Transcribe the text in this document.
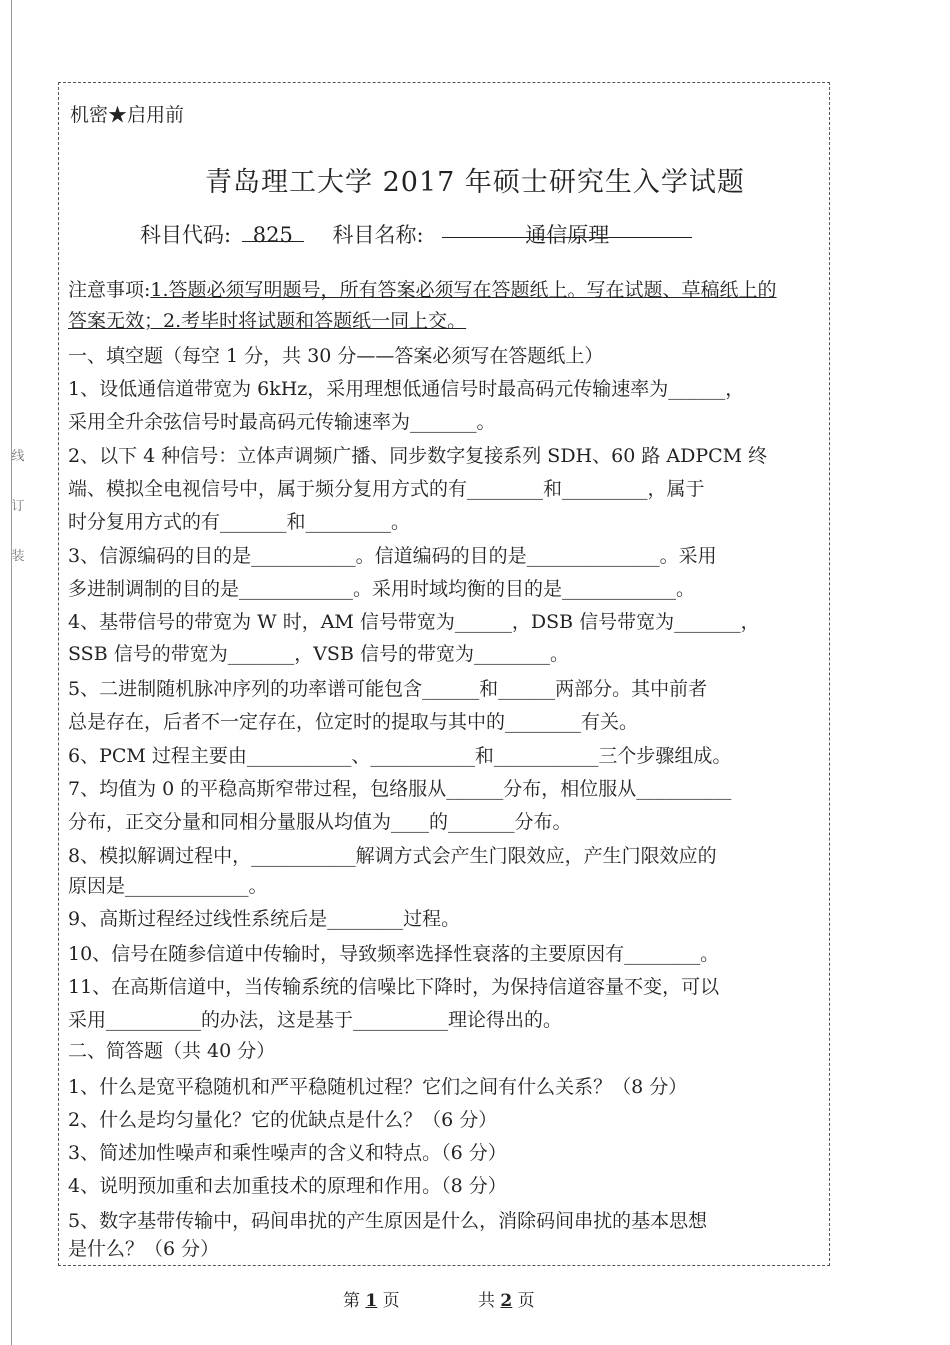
线
订
装
机密★启用前
青岛理工大学 2017 年硕士研究生入学试题
科目代码: 825 科目名称:	通信原理
注意事项:1.答题必须写明题号，所有答案必须写在答题纸上。写在试题、草稿纸上的
答案无效；2.考毕时将试题和答题纸一同上交。
一、填空题（每空 1 分，共 30 分——答案必须写在答题纸上）
1、设低通信道带宽为 6kHz，采用理想低通信号时最高码元传输速率为______，
采用全升余弦信号时最高码元传输速率为_______。
2、以下 4 种信号：立体声调频广播、同步数字复接系列 SDH、60 路 ADPCM 终
端、模拟全电视信号中，属于频分复用方式的有________和_________，属于
时分复用方式的有_______和_________。
3、信源编码的目的是___________。信道编码的目的是______________。采用
多进制调制的目的是____________。采用时域均衡的目的是____________。
4、基带信号的带宽为 W 时，AM 信号带宽为______，DSB 信号带宽为_______，
SSB 信号的带宽为_______，VSB 信号的带宽为________。
5、二进制随机脉冲序列的功率谱可能包含______和______两部分。其中前者
总是存在，后者不一定存在，位定时的提取与其中的________有关。
6、PCM 过程主要由___________、___________和___________三个步骤组成。
7、均值为 0 的平稳高斯窄带过程，包络服从______分布，相位服从__________
分布，正交分量和同相分量服从均值为____的_______分布。
8、模拟解调过程中，___________解调方式会产生门限效应，产生门限效应的
原因是_____________。
9、高斯过程经过线性系统后是________过程。
10、信号在随参信道中传输时，导致频率选择性衰落的主要原因有________。
11、在高斯信道中，当传输系统的信噪比下降时，为保持信道容量不变，可以
采用__________的办法，这是基于__________理论得出的。
二、简答题（共 40 分）
1、什么是宽平稳随机和严平稳随机过程？它们之间有什么关系？（8 分）
2、什么是均匀量化？它的优缺点是什么？（6 分）
3、简述加性噪声和乘性噪声的含义和特点。（6 分）
4、说明预加重和去加重技术的原理和作用。（8 分）
5、数字基带传输中，码间串扰的产生原因是什么，消除码间串扰的基本思想
是什么？（6 分）
第 1 页	共 2 页
